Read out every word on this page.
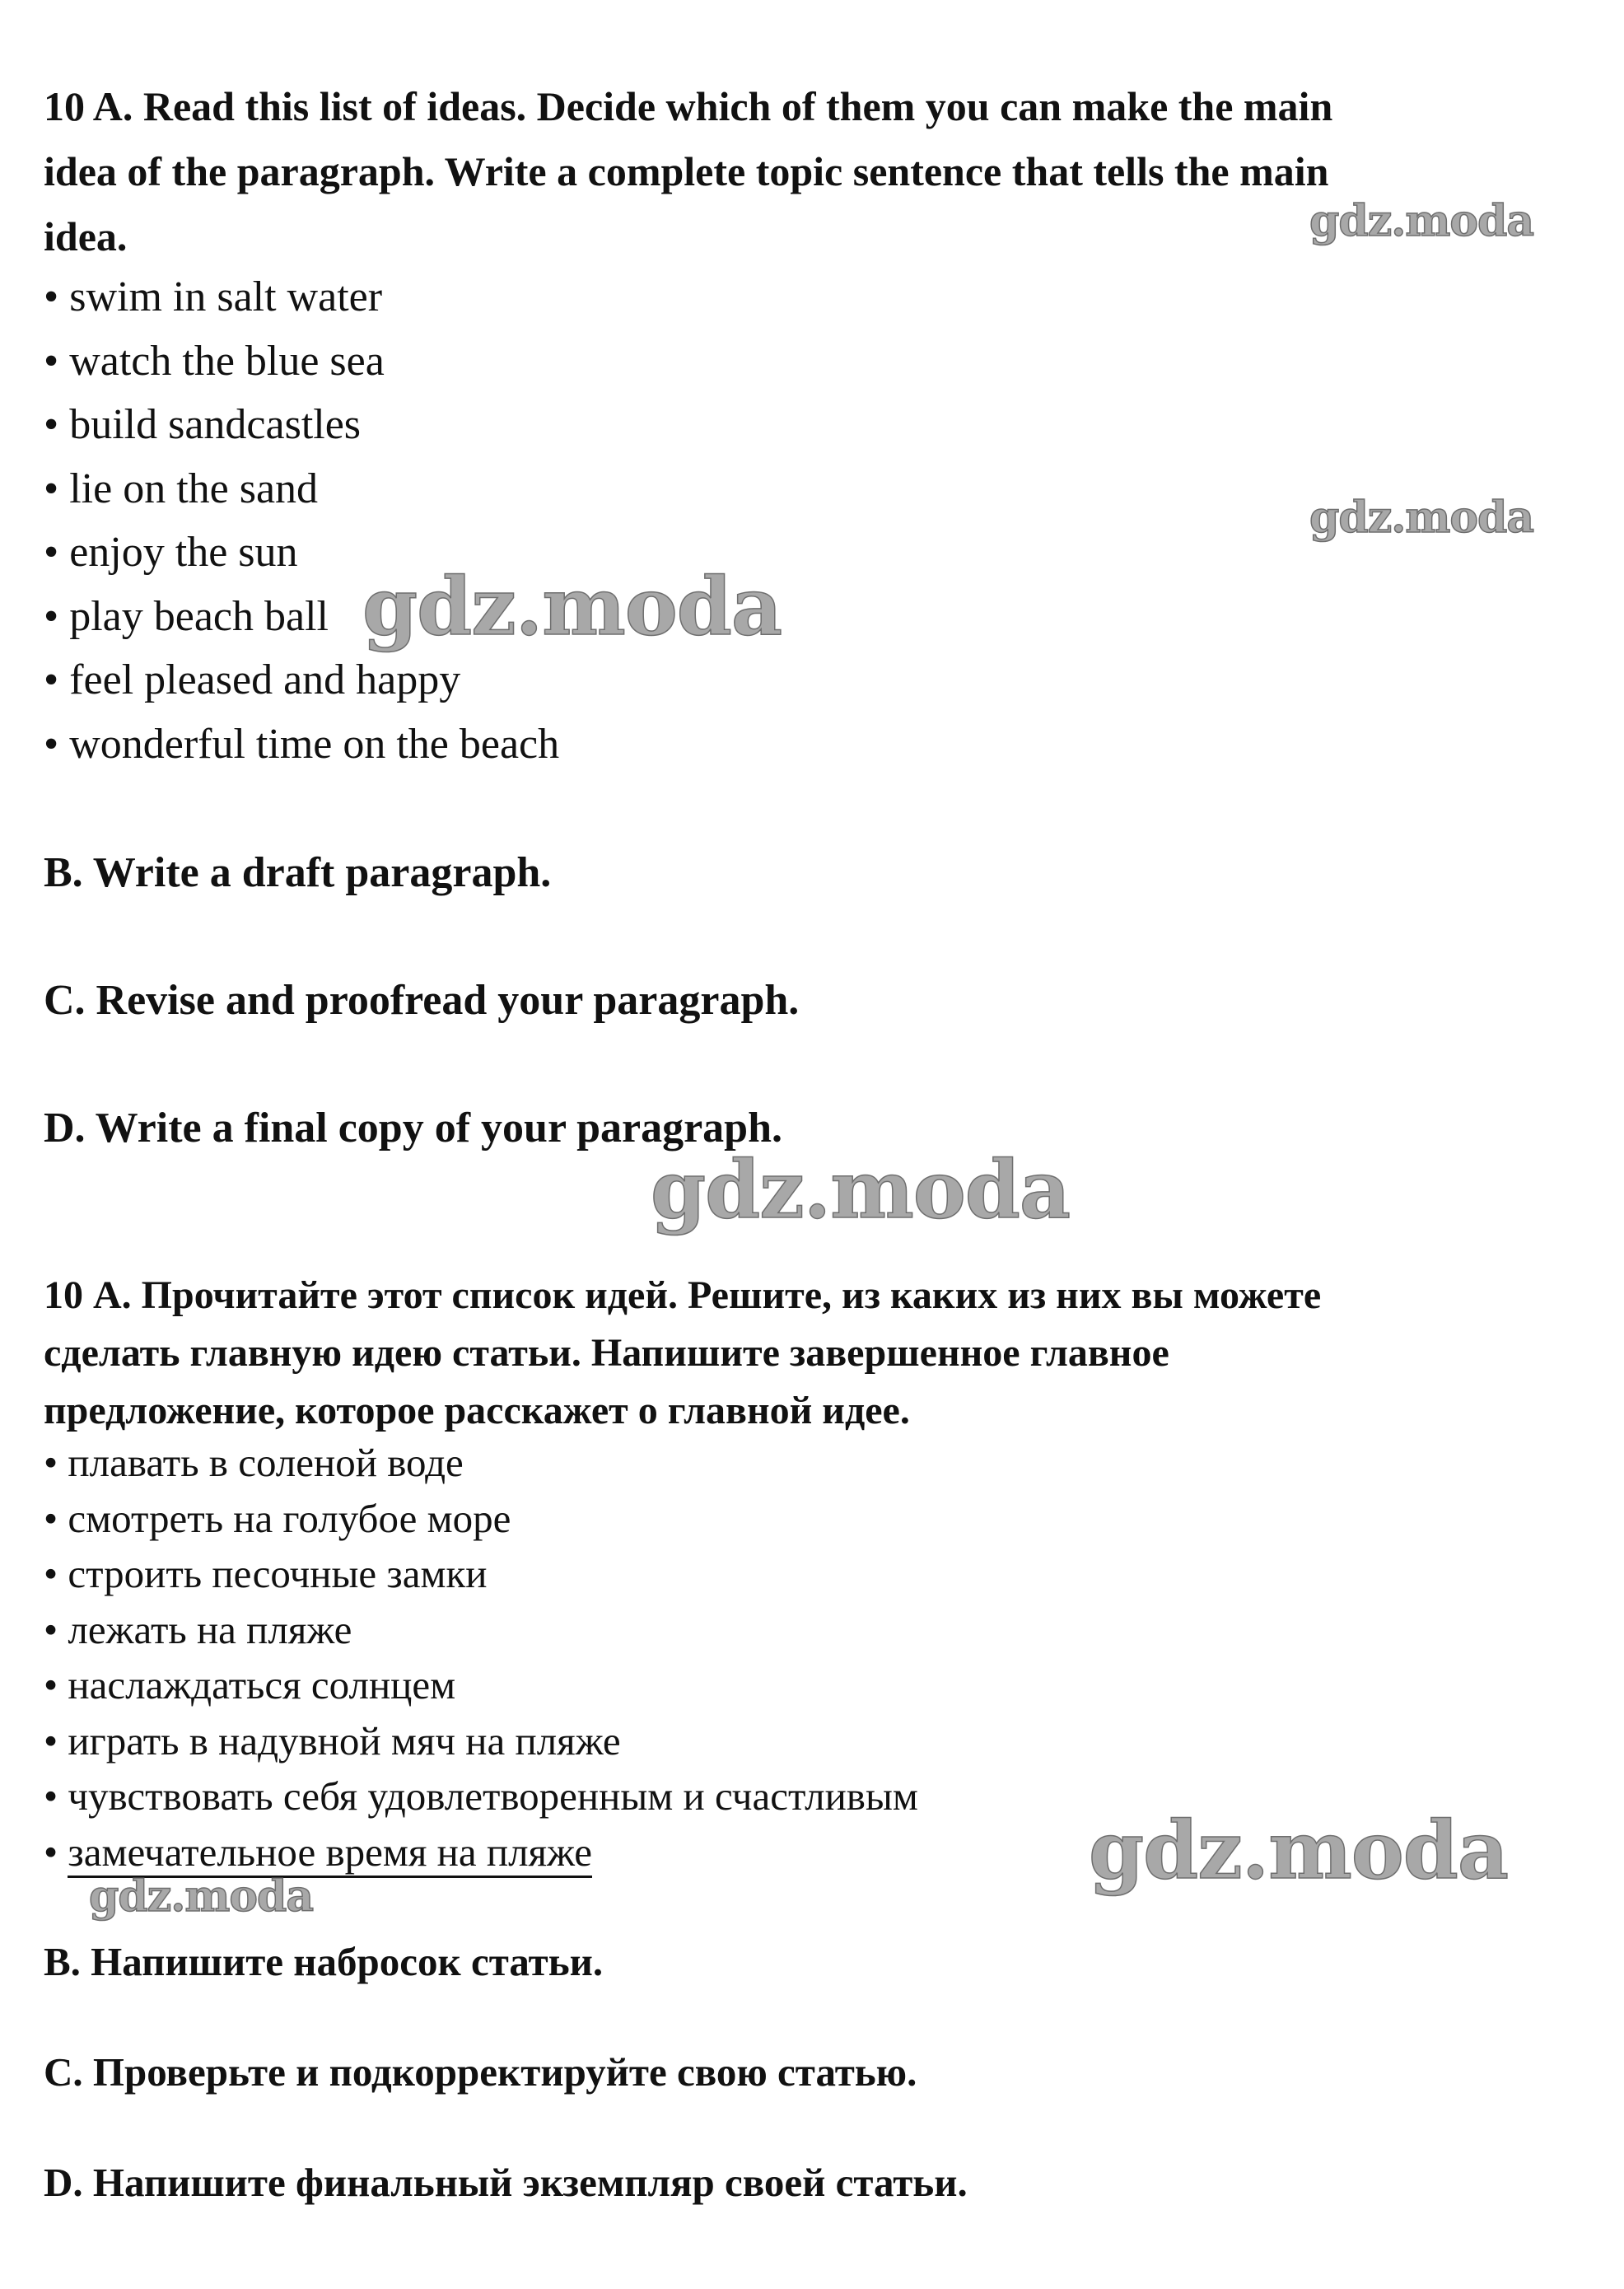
10 A. Read this list of ideas. Decide which of them you can make the main
idea of the paragraph. Write a complete topic sentence that tells the main
idea.
• swim in salt water
• watch the blue sea
• build sandcastles
• lie on the sand
• enjoy the sun
• play beach ball
• feel pleased and happy
• wonderful time on the beach
B. Write a draft paragraph.
C. Revise and proofread your paragraph.
D. Write a final copy of your paragraph.
10 А. Прочитайте этот список идей. Решите, из каких из них вы можете
сделать главную идею статьи. Напишите завершенное главное
предложение, которое расскажет о главной идее.
• плавать в соленой воде
• смотреть на голубое море
• строить песочные замки
• лежать на пляже
• наслаждаться солнцем
• играть в надувной мяч на пляже
• чувствовать себя удовлетворенным и счастливым
• замечательное время на пляже
В. Напишите набросок статьи.
С. Проверьте и подкорректируйте свою статью.
D. Напишите финальный экземпляр своей статьи.
gdz.moda
gdz.moda
gdz.moda
gdz.moda
gdz.moda
gdz.moda
